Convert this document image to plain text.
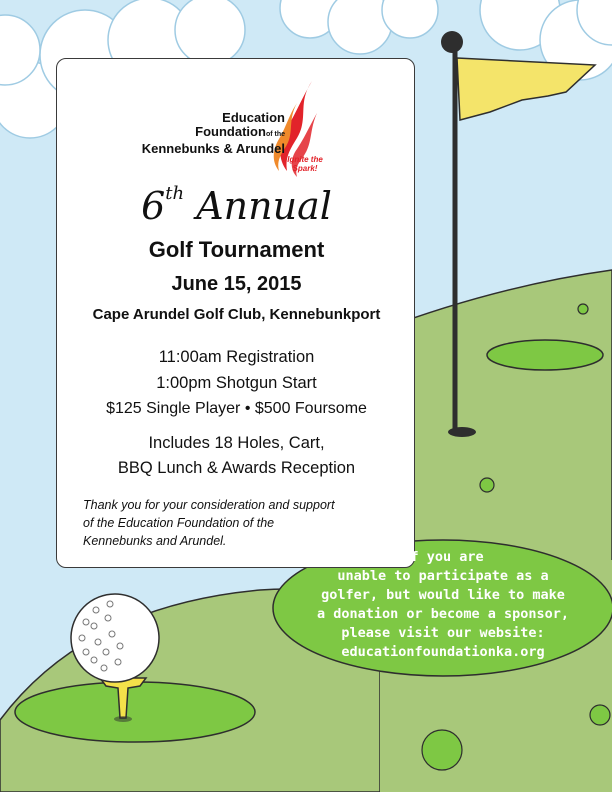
Education
Foundationof the
Kennebunks & Arundel
Ignite the Spark!
6th Annual
Golf Tournament
June 15, 2015
Cape Arundel Golf Club, Kennebunkport
11:00am Registration
1:00pm Shotgun Start
$125 Single Player • $500 Foursome
Includes 18 Holes, Cart,
BBQ Lunch & Awards Reception
Thank you for your consideration and support
of the Education Foundation of the
Kennebunks and Arundel.
If you are
unable to participate as a
golfer, but would like to make
a donation or become a sponsor,
please visit our website:
educationfoundationka.org
